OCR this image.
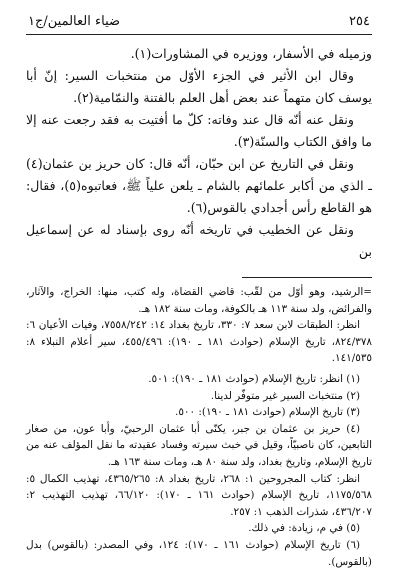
٢٥٤
ضياء العالمين/ج١

وزميله في الأسفار، ووزيره في المشاورات(١).

وقال ابن الأثير في الجزء الأوّل من منتخبات السير: إنّ أبا يوسف كان متهماً عند بعض أهل العلم بالفتنة والنمّامية(٢).

ونقل عنه أنّه قال عند وفاته: كلّ ما أفتيت به فقد رجعت عنه إلا ما وافق الكتاب والسنّة(٣).

ونقل في التاريخ عن ابن حبّان، أنّه قال: كان حريز بن عثمان(٤) ـ الذي من أكابر علمائهم بالشام ـ يلعن علياً ﷺ، فعاتبوه(٥)، فقال: هو القاطع رأس أجدادي بالقوس(٦).

ونقل عن الخطيب في تاريخه أنّه روى بإسناد له عن إسماعيل بن

=الرشيد، وهو أوّل من لقّب: قاضي القضاة، وله كتب، منها: الخراج، والآثار، والفرائض، ولد سنة ١١٣ هـ بالكوفة، ومات سنة ١٨٢ هـ.

انظر: الطبقات لابن سعد ٧: ٣٣٠، تاريخ بغداد ١٤: ٧٥٥٨/٢٤٢، وفيات الأعيان ٦: ٨٢٤/٣٧٨، تاريخ الإسلام (حوادث ١٨١ ـ ١٩٠): ٤٥٥/٤٩٦، سير أعلام النبلاء ٨: ١٤١/٥٣٥.

(١) انظر: تاريخ الإسلام (حوادث ١٨١ ـ ١٩٠): ٥٠١.

(٢) منتخبات السير غير متوفّر لدينا.

(٣) تاريخ الإسلام (حوادث ١٨١ ـ ١٩٠): ٥٠٠.

(٤) حريز بن عثمان بن جبر، يكنّى أبا عثمان الرحبيّ، وأبا عون، من صغار التابعين، كان ناصبيّاً، وقيل في خبث سيرته وفساد عقيدته ما نقل المؤلف عنه من تاريخ الإسلام، وتاريخ بغداد، ولد سنة ٨٠ هـ، ومات سنة ١٦٣ هـ.

انظر: كتاب المجروحين ١: ٢٦٨، تاريخ بغداد ٨: ٤٣٦٥/٢٦٥، تهذيب الكمال ٥: ١١٧٥/٥٦٨، تاريخ الإسلام (حوادث ١٦١ ـ ١٧٠): ٦٦/١٢٠، تهذيب التهذيب ٢: ٤٣٦/٢٠٧، شذرات الذهب ١: ٢٥٧.

(٥) في م، زيادة: في ذلك.

(٦) تاريخ الإسلام (حوادث ١٦١ ـ ١٧٠): ١٢٤، وفي المصدر: (بالقوس) بدل (بالقوس).
